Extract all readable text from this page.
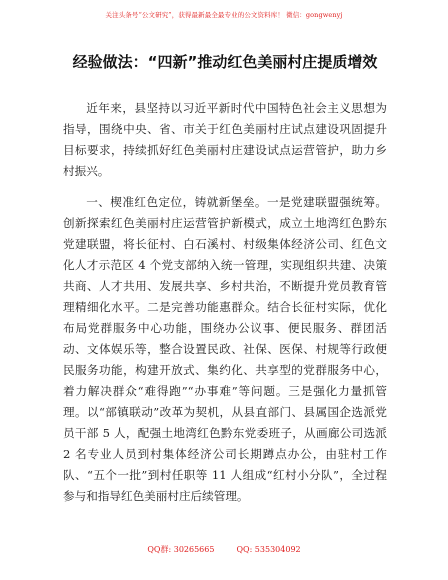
关注头条号“公文研究”，获得最新最全最专业的公文资料库！ 微信：gongwenyj
经验做法：“四新”推动红色美丽村庄提质增效

近年来，县坚持以习近平新时代中国特色社会主义思想为指导，围绕中央、省、市关于红色美丽村庄试点建设巩固提升目标要求，持续抓好红色美丽村庄建设试点运营管护，助力乡村振兴。

一、楔准红色定位，铸就新堡垒。一是党建联盟强统筹。创新探索红色美丽村庄运营管护新模式，成立土地湾红色黔东党建联盟，将长征村、白石溪村、村级集体经济公司、红色文化人才示范区 4 个党支部纳入统一管理，实现组织共建、决策共商、人才共用、发展共享、乡村共治，不断提升党员教育管理精细化水平。二是完善功能惠群众。结合长征村实际，优化布局党群服务中心功能，围绕办公议事、便民服务、群团活动、文体娱乐等，整合设置民政、社保、医保、村规等行政便民服务功能，构建开放式、集约化、共享型的党群服务中心，着力解决群众“难得跑”“办事难”等问题。三是强化力量抓管理。以“部镇联动”改革为契机，从县直部门、县属国企选派党员干部 5 人，配强土地湾红色黔东党委班子，从画廊公司选派 2 名专业人员到村集体经济公司长期蹲点办公，由驻村工作队、“五个一批”到村任职等 11 人组成“红村小分队”，全过程参与和指导红色美丽村庄后续管理。

QQ群: 30265665	QQ: 535304092
